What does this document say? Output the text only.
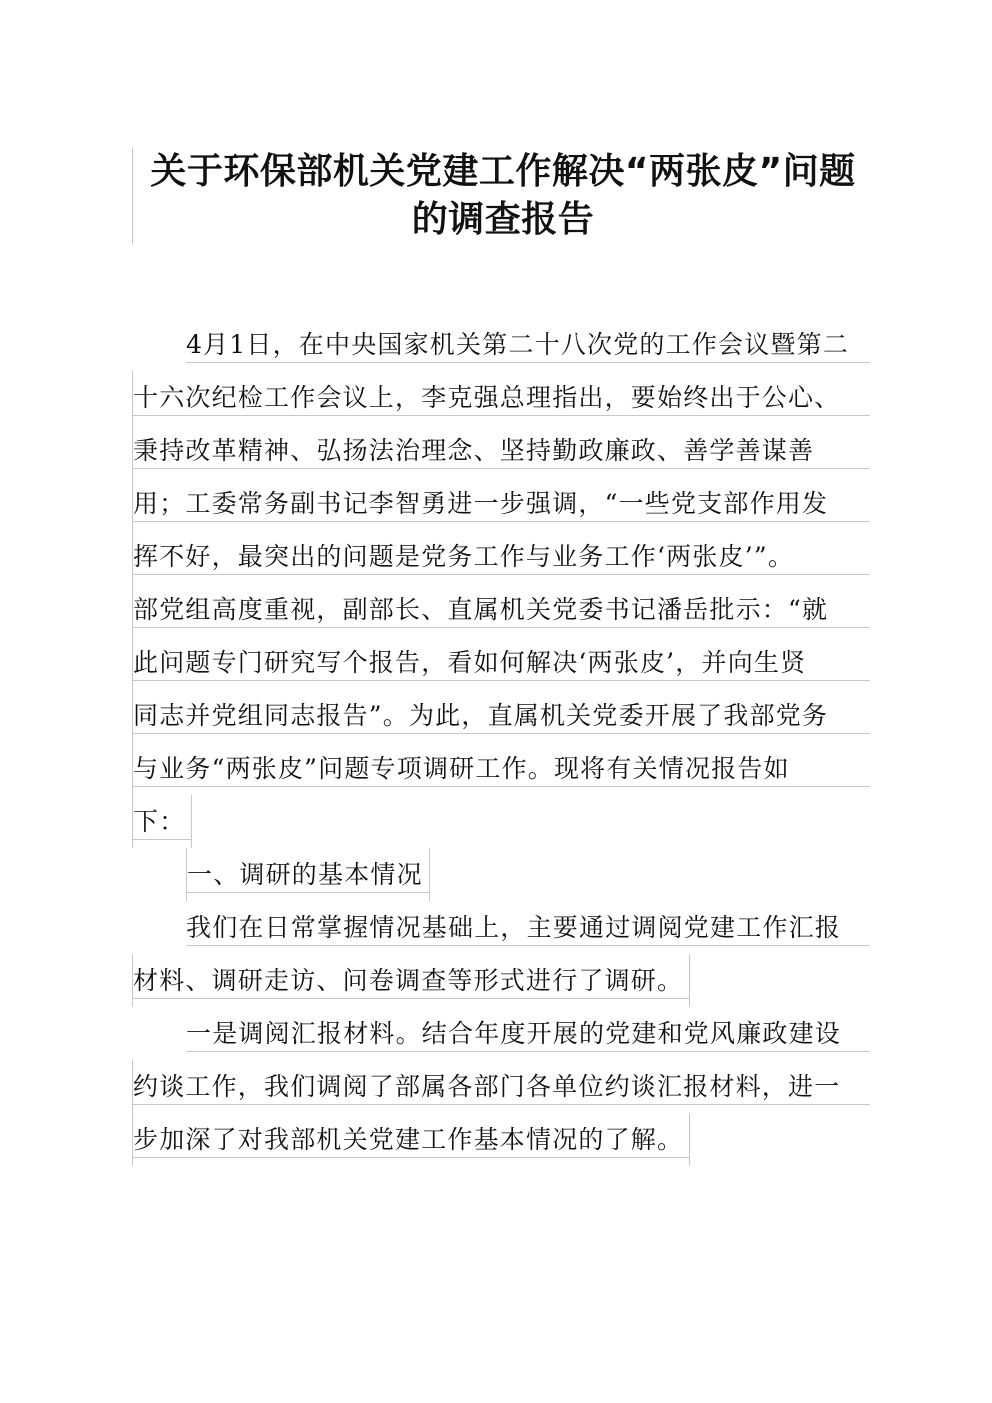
关于环保部机关党建工作解决“两张皮”问题
的调查报告
4月1日，在中央国家机关第二十八次党的工作会议暨第二
十六次纪检工作会议上，李克强总理指出，要始终出于公心、
秉持改革精神、弘扬法治理念、坚持勤政廉政、善学善谋善
用；工委常务副书记李智勇进一步强调，“一些党支部作用发
挥不好，最突出的问题是党务工作与业务工作‘两张皮’”。
部党组高度重视，副部长、直属机关党委书记潘岳批示：“就
此问题专门研究写个报告，看如何解决‘两张皮’，并向生贤
同志并党组同志报告”。为此，直属机关党委开展了我部党务
与业务“两张皮”问题专项调研工作。现将有关情况报告如
下：
一、调研的基本情况
我们在日常掌握情况基础上，主要通过调阅党建工作汇报
材料、调研走访、问卷调查等形式进行了调研。
一是调阅汇报材料。结合年度开展的党建和党风廉政建设
约谈工作，我们调阅了部属各部门各单位约谈汇报材料，进一
步加深了对我部机关党建工作基本情况的了解。
